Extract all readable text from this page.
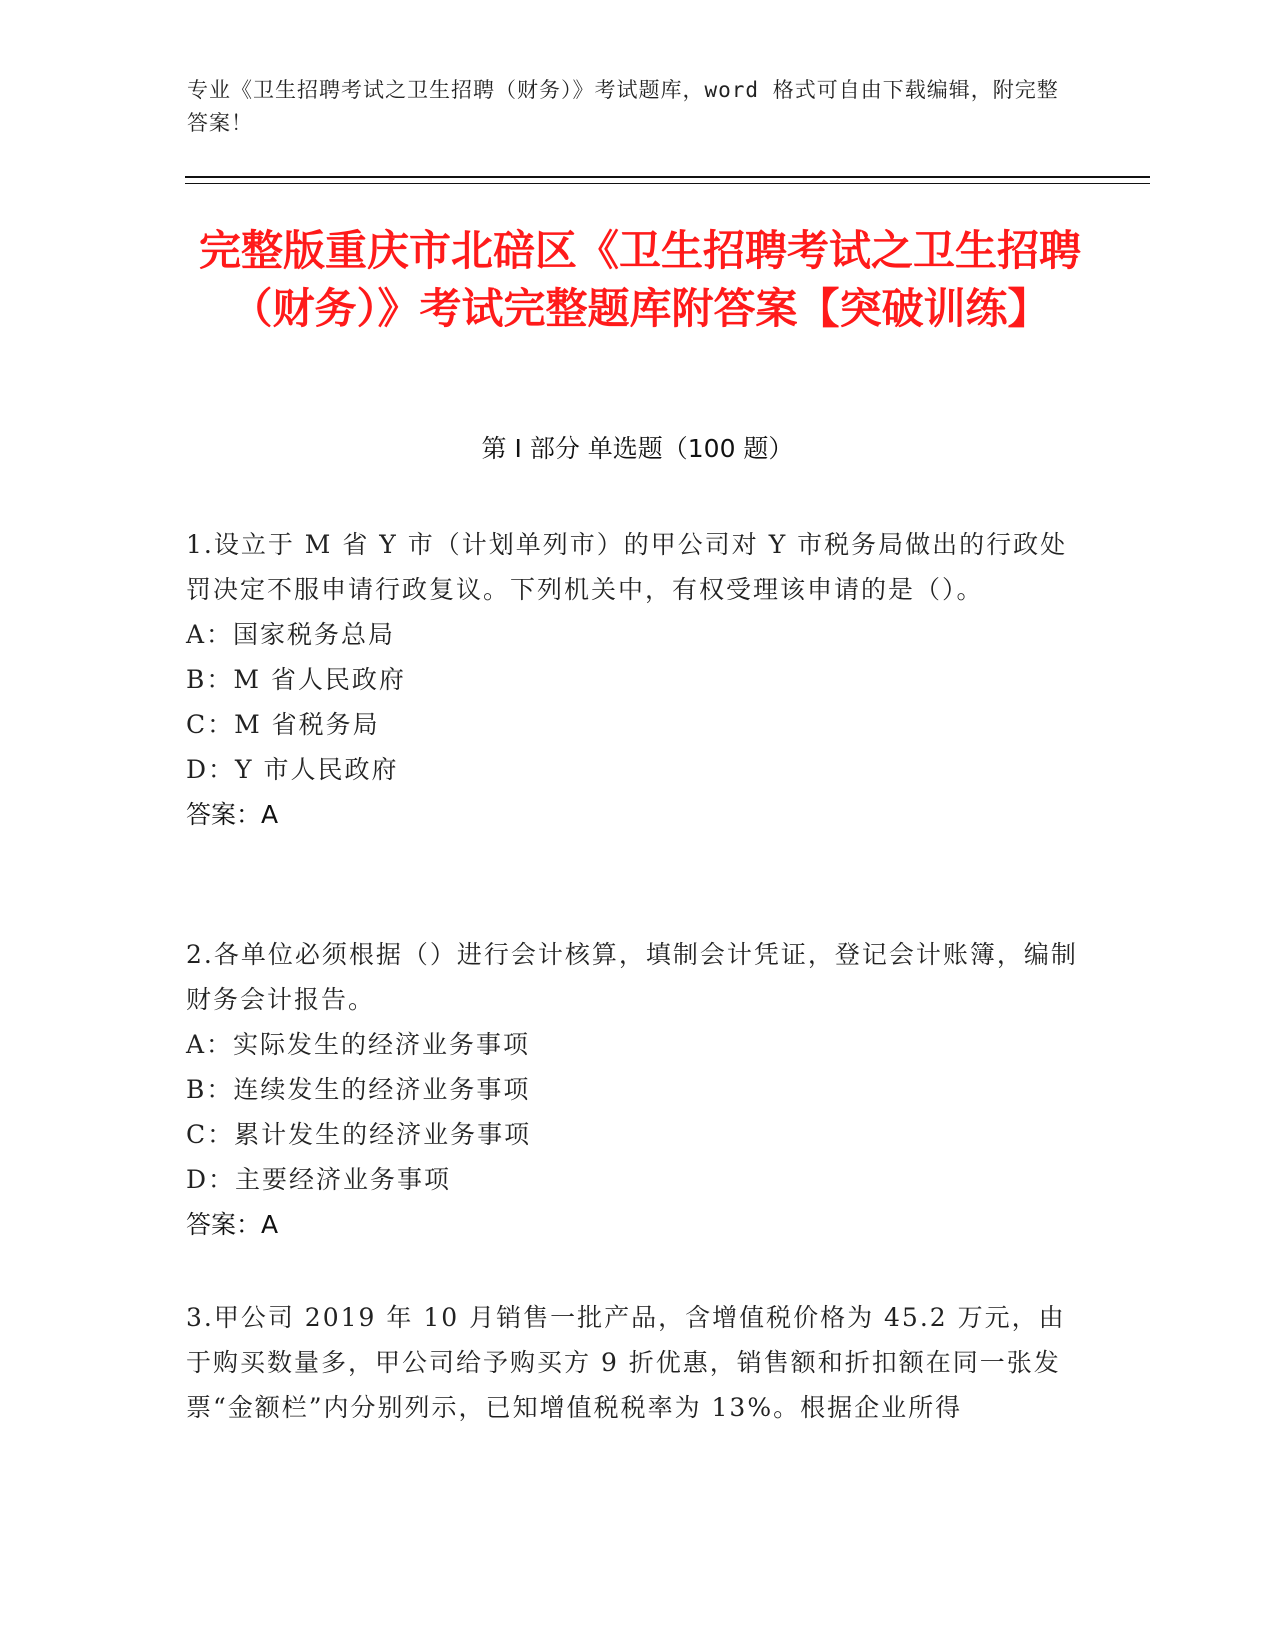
专业《卫生招聘考试之卫生招聘（财务）》考试题库，word 格式可自由下载编辑，附完整答案！
完整版重庆市北碚区《卫生招聘考试之卫生招聘（财务）》考试完整题库附答案【突破训练】
第 I 部分 单选题（100 题）
1.设立于 M 省 Y 市（计划单列市）的甲公司对 Y 市税务局做出的行政处罚决定不服申请行政复议。下列机关中，有权受理该申请的是（）。
A：国家税务总局
B：M 省人民政府
C：M 省税务局
D：Y 市人民政府
答案：A
2.各单位必须根据（）进行会计核算，填制会计凭证，登记会计账簿，编制财务会计报告。
A：实际发生的经济业务事项
B：连续发生的经济业务事项
C：累计发生的经济业务事项
D：主要经济业务事项
答案：A
3.甲公司 2019 年 10 月销售一批产品，含增值税价格为 45.2 万元，由于购买数量多，甲公司给予购买方 9 折优惠，销售额和折扣额在同一张发票“金额栏”内分别列示，已知增值税税率为 13%。根据企业所得
